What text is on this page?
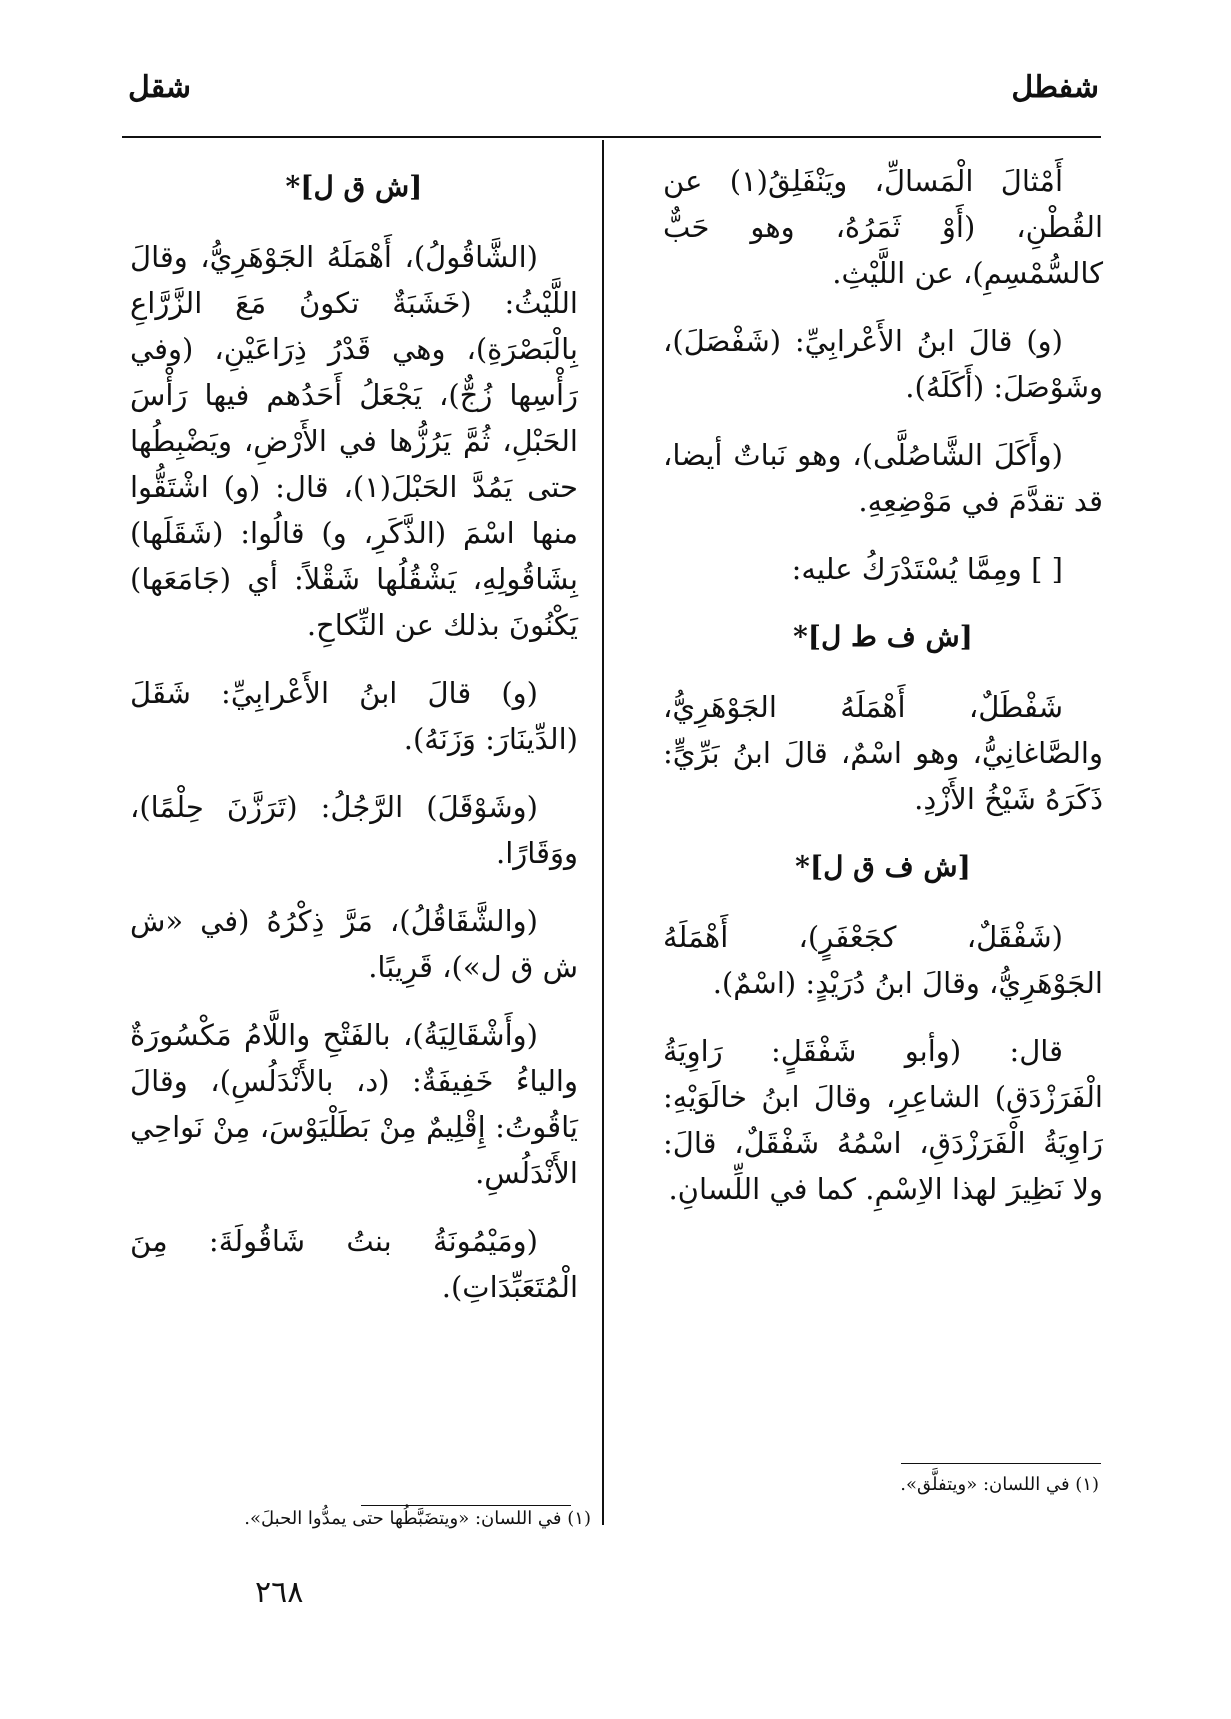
شفطل
شقل

أَمْثالَ الْمَسالِّ، ويَنْفَلِقُ(١) عن القُطْنِ، (أَوْ ثَمَرُهُ، وهو حَبٌّ كالسُّمْسِمِ)، عن اللَّيْثِ.

(و) قالَ ابنُ الأَعْرابِيِّ: (شَفْصَلَ)، وشَوْصَلَ: (أَكَلَهُ).

(وأَكَلَ الشَّاصُلَّى)، وهو نَباتٌ أيضا، قد تقدَّمَ في مَوْضِعِهِ.

[ ] ومِمَّا يُسْتَدْرَكُ عليه:

[ش ف ط ل]*

شَفْطَلٌ، أَهْمَلَهُ الجَوْهَرِيُّ، والصَّاغانِيُّ، وهو اسْمٌ، قالَ ابنُ بَرِّيٍّ: ذَكَرَهُ شَيْخُ الأَزْدِ.

[ش ف ق ل]*

(شَفْقَلٌ، كجَعْفَرٍ)، أَهْمَلَهُ الجَوْهَرِيُّ، وقالَ ابنُ دُرَيْدٍ: (اسْمٌ).

قال: (وأبو شَفْقَلٍ: رَاوِيَةُ الْفَرَزْدَقِ) الشاعِرِ، وقالَ ابنُ خالَوَيْهِ: رَاوِيَةُ الْفَرَزْدَقِ، اسْمُهُ شَفْقَلٌ، قالَ: ولا نَظِيرَ لهذا الاِسْمِ. كما في اللِّسانِ.

[ش ق ل]*

(الشَّاقُولُ)، أَهْمَلَهُ الجَوْهَرِيُّ، وقالَ اللَّيْثُ: (خَشَبَةٌ تكونُ مَعَ الزَّرَّاعِ بِالْبَصْرَةِ)، وهي قَدْرُ ذِرَاعَيْنِ، (وفي رَأْسِها زُجٌّ)، يَجْعَلُ أَحَدُهم فيها رَأْسَ الحَبْلِ، ثُمَّ يَرُزُّها في الأَرْضِ، ويَضْبِطُها حتى يَمُدَّ الحَبْلَ(١)، قال: (و) اشْتَقُّوا منها اسْمَ (الذَّكَرِ، و) قالُوا: (شَقَلَها) بِشَاقُولِهِ، يَشْقُلُها شَقْلاً: أي (جَامَعَها) يَكْنُونَ بذلك عن النِّكاحِ.

(و) قالَ ابنُ الأَعْرابِيِّ: شَقَلَ (الدِّينَارَ: وَزَنَهُ).

(وشَوْقَلَ) الرَّجُلُ: (تَرَزَّنَ حِلْمًا)، ووَقَارًا.

(والشَّقَاقُلُ)، مَرَّ ذِكْرُهُ (في «ش ش ق ل»)، قَرِيبًا.

(وأَشْقَالِيَةُ)، بالفَتْحِ واللَّامُ مَكْسُورَةٌ والياءُ خَفِيفَةٌ: (د، بالأَنْدَلُسِ)، وقالَ يَاقُوتُ: إِقْلِيمٌ مِنْ بَطَلْيَوْسَ، مِنْ نَواحِي الأَنْدَلُسِ.

(ومَيْمُونَةُ بنتُ شَاقُولَةَ: مِنَ الْمُتَعَبِّدَاتِ).

(١) في اللسان: «ويتفلَّق».
(١) في اللسان: «ويتضَبَّطُها حتى يمدُّوا الحبلَ».
٢٦٨
